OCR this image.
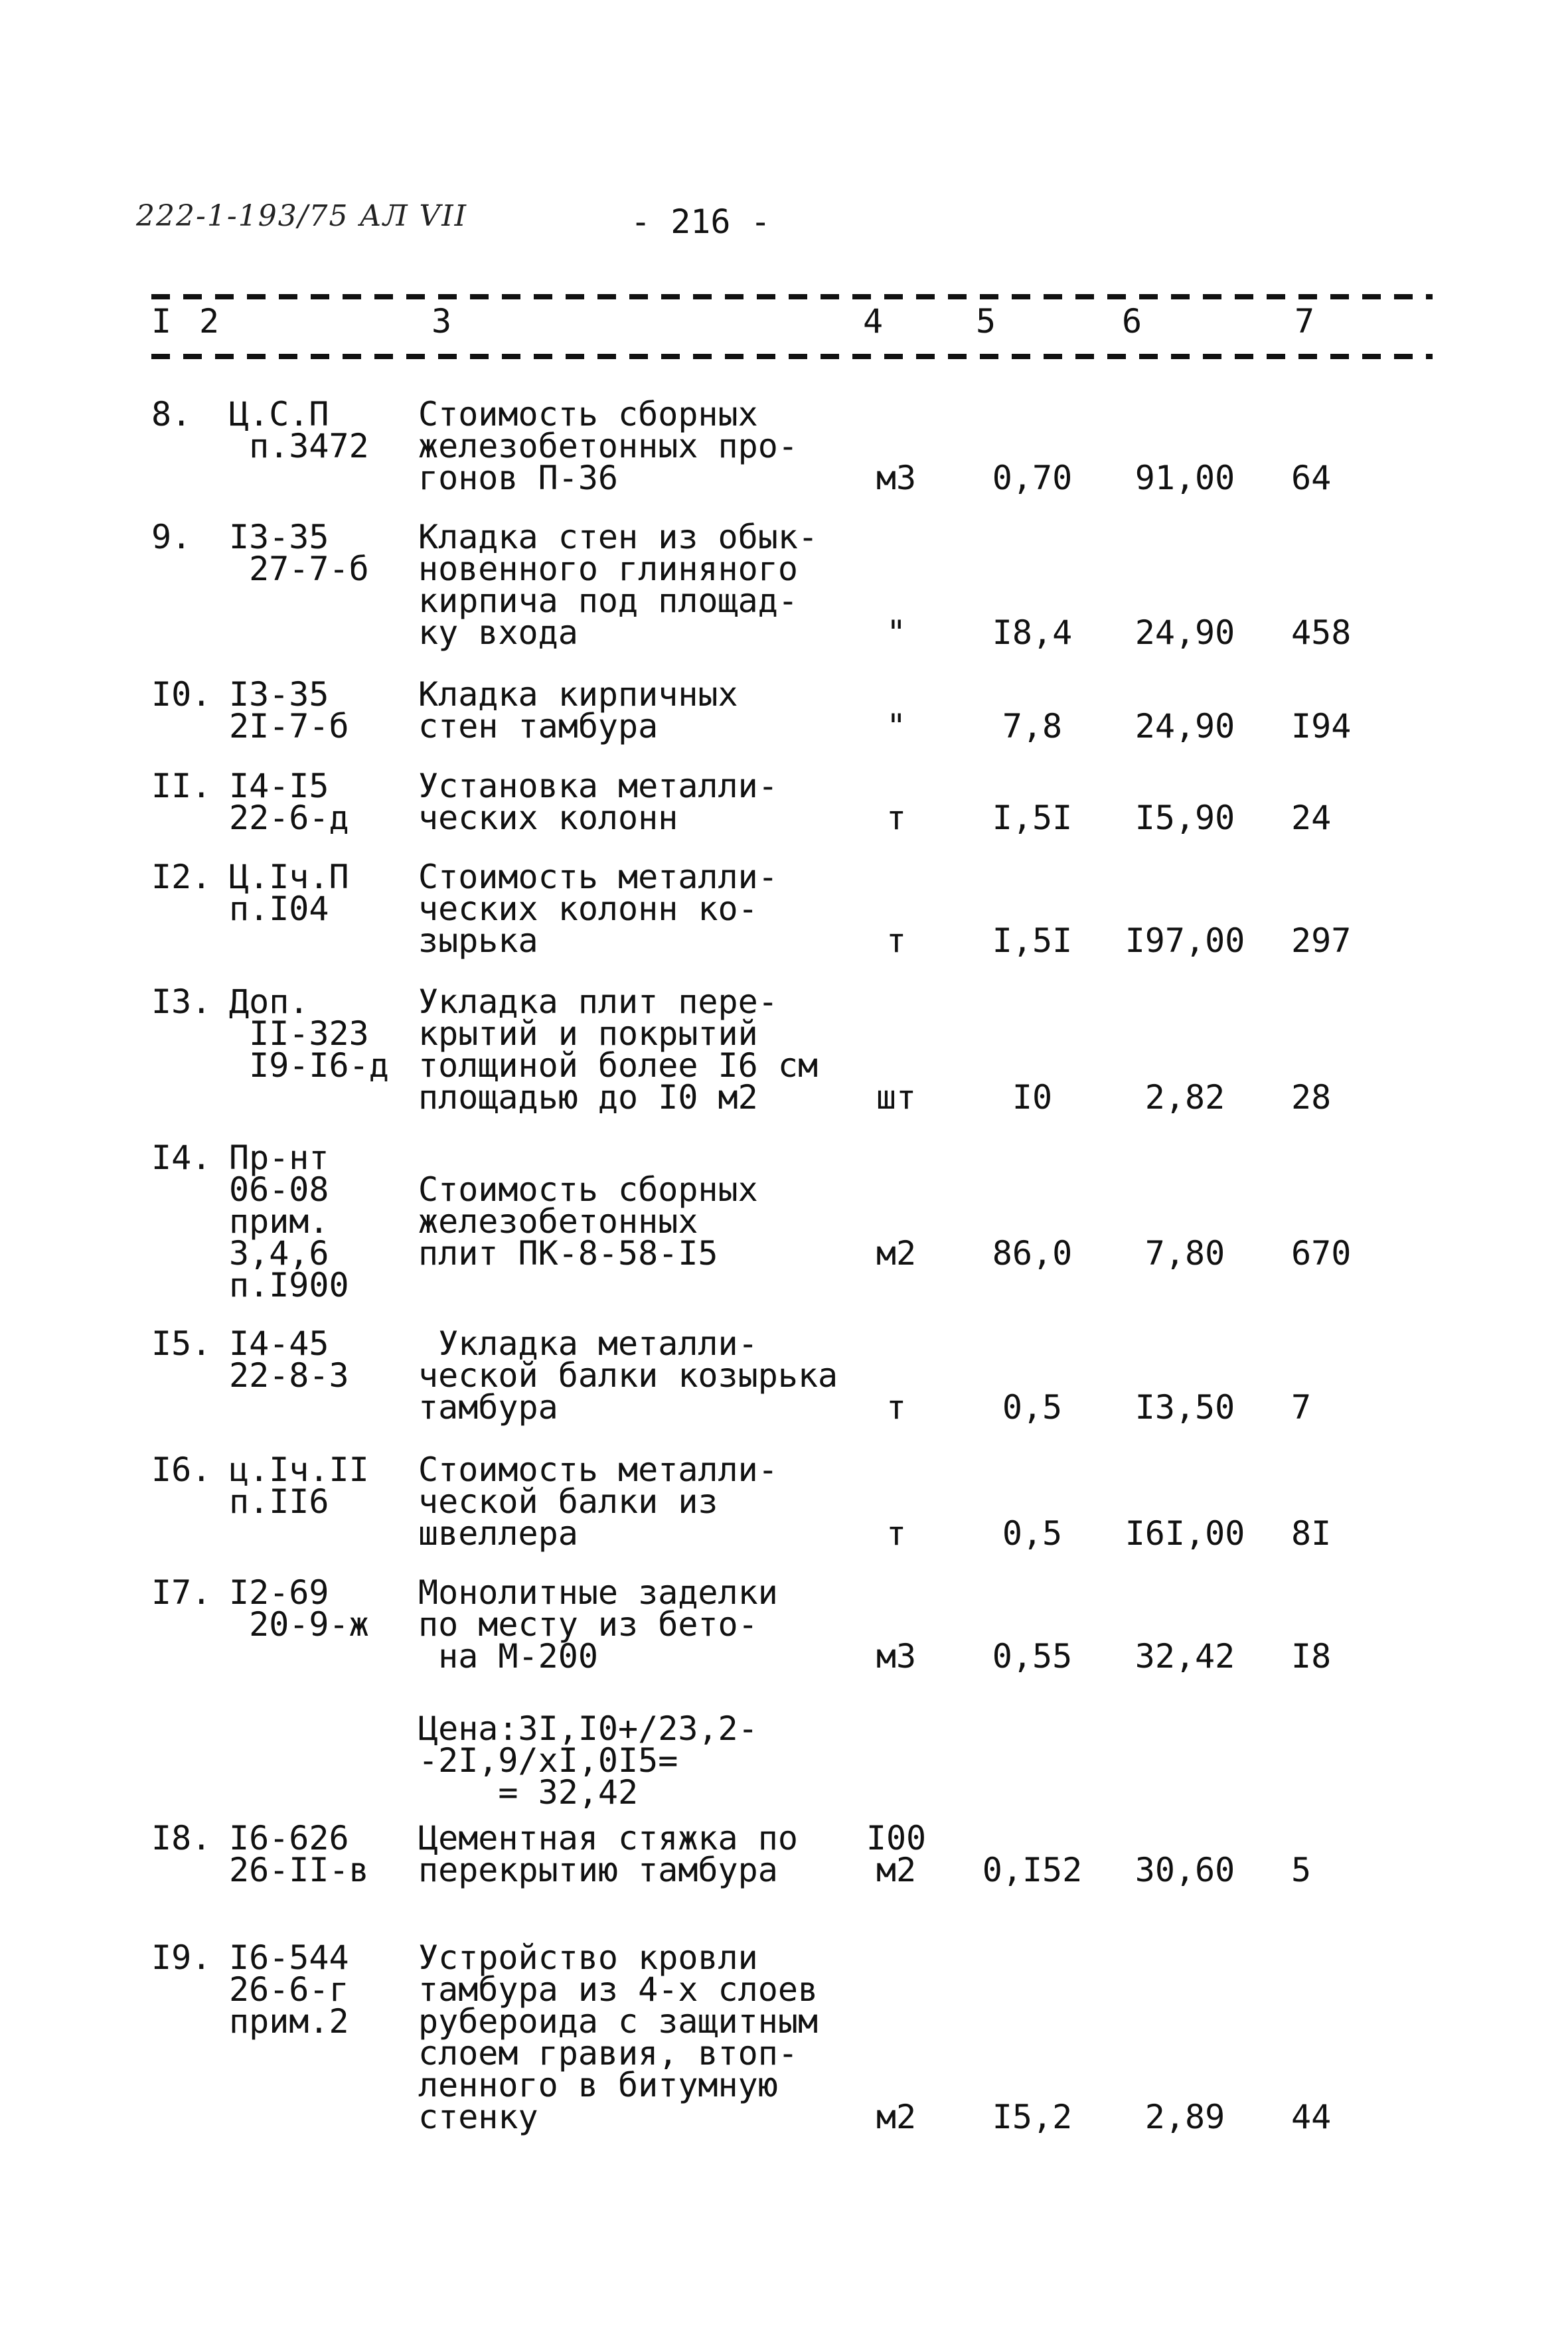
222-1-193/75 АЛ VII	- 216 -
I 2	3	4	5	6	7
8. Ц.С.П
п.3472
Стоимость сборных
железобетонных про-
гонов П-36	м3	0,70	91,00	64
9. I3-35
27-7-б
Кладка стен из обык-
новенного глиняного
кирпича под площад-
ку входа	"	I8,4	24,90	458
I0. I3-35
2I-7-б
Кладка кирпичных
стен тамбура	"	7,8	24,90	I94
II. I4-I5
22-6-д
Установка металли-
ческих колонн	т	I,5I	I5,90	24
I2. Ц.Iч.П
п.I04
Стоимость металли-
ческих колонн ко-
зырька	т	I,5I	I97,00 297
I3. Доп.
II-323
I9-I6-д
Укладка плит пере-
крытий и покрытий
толщиной более I6 см
площадью до I0 м2	шт	I0	2,82	28
I4. Пр-нт
06-08
прим.
3,4,6
п.I900
Стоимость сборных
железобетонных
плит ПК-8-58-I5	м2	86,0	7,80	670
I5. I4-45
22-8-3
Укладка металли-
ческой балки козырька
тамбура	т	0,5	I3,50	7
I6. ц.Iч.II
п.II6
Стоимость металли-
ческой балки из
швеллера	т	0,5	I6I,00 8I
I7. I2-69
20-9-ж
Монолитные заделки
по месту из бето-
на М-200	м3	0,55	32,42	I8
Цена:3I,I0+/23,2-
-2I,9/xI,0I5=
= 32,42
I8. I6-626
26-II-в
Цементная стяжка по
перекрытию тамбура
I00
м2	0,I52	30,60	5
I9. I6-544
26-6-г
прим.2
Устройство кровли
тамбура из 4-х слоев
рубероида с защитным
слоем гравия, втоп-
ленного в битумную
стенку	м2	I5,2	2,89	44
